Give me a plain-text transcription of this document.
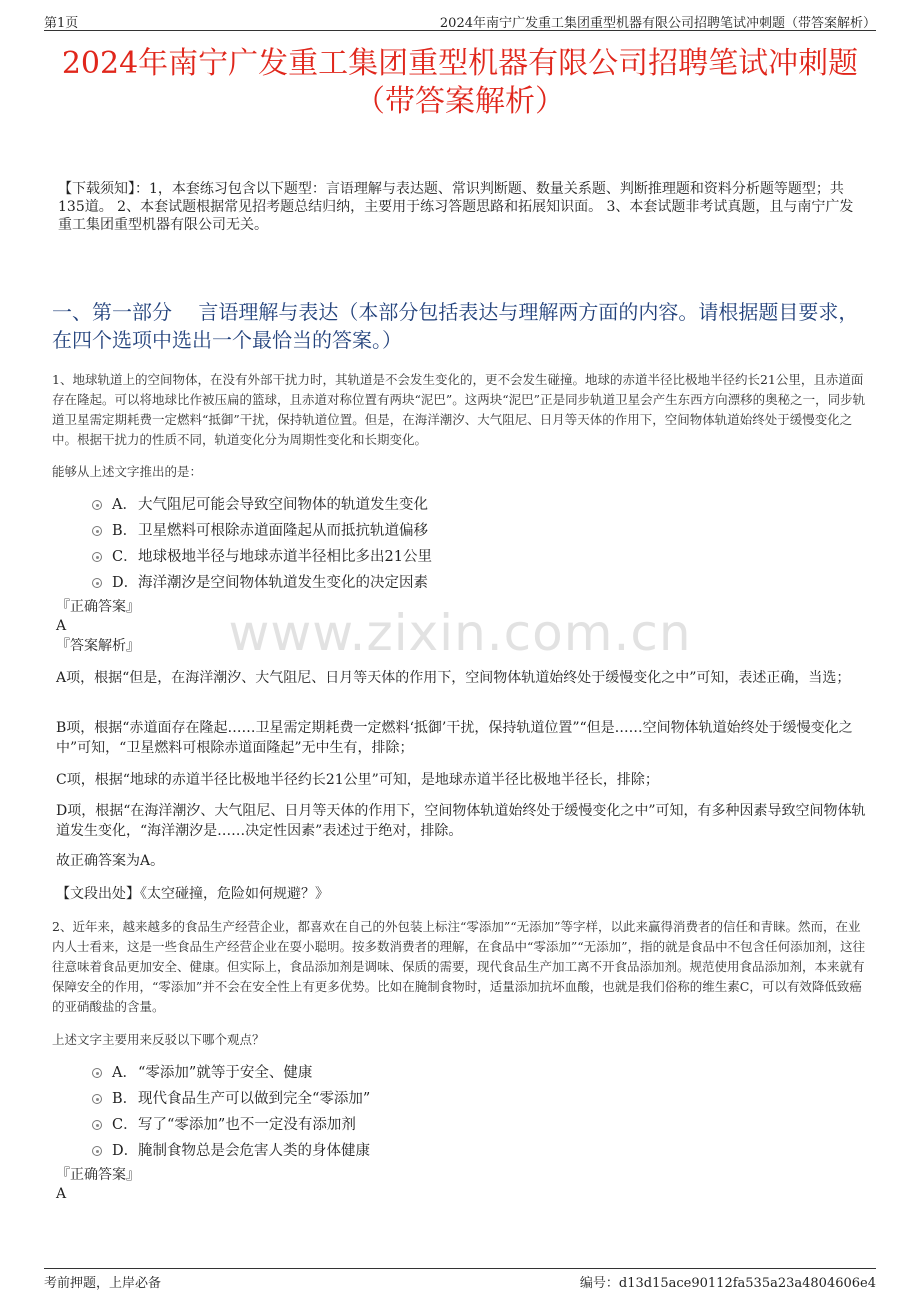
第1页	2024年南宁广发重工集团重型机器有限公司招聘笔试冲刺题（带答案解析）
2024年南宁广发重工集团重型机器有限公司招聘笔试冲刺题
（带答案解析）
【下载须知】：1，本套练习包含以下题型：言语理解与表达题、常识判断题、数量关系题、判断推理题和资料分析题等题型；共135道。 2、本套试题根据常见招考题总结归纳，主要用于练习答题思路和拓展知识面。 3、本套试题非考试真题，且与南宁广发重工集团重型机器有限公司无关。
一、第一部分　 言语理解与表达（本部分包括表达与理解两方面的内容。请根据题目要求，在四个选项中选出一个最恰当的答案。）
1、地球轨道上的空间物体，在没有外部干扰力时，其轨道是不会发生变化的，更不会发生碰撞。地球的赤道半径比极地半径约长21公里，且赤道面存在隆起。可以将地球比作被压扁的篮球，且赤道对称位置有两块“泥巴”。这两块“泥巴”正是同步轨道卫星会产生东西方向漂移的奥秘之一，同步轨道卫星需定期耗费一定燃料“抵御”干扰，保持轨道位置。但是，在海洋潮汐、大气阻尼、日月等天体的作用下，空间物体轨道始终处于缓慢变化之中。根据干扰力的性质不同，轨道变化分为周期性变化和长期变化。
能够从上述文字推出的是：
A．大气阻尼可能会导致空间物体的轨道发生变化
B．卫星燃料可根除赤道面隆起从而抵抗轨道偏移
C．地球极地半径与地球赤道半径相比多出21公里
D．海洋潮汐是空间物体轨道发生变化的决定因素
『正确答案』
A
『答案解析』	www.zixin.com.cn
A项，根据“但是，在海洋潮汐、大气阻尼、日月等天体的作用下，空间物体轨道始终处于缓慢变化之中”可知，表述正确，当选；
B项，根据“赤道面存在隆起……卫星需定期耗费一定燃料‘抵御’干扰，保持轨道位置”“但是……空间物体轨道始终处于缓慢变化之中”可知，“卫星燃料可根除赤道面隆起”无中生有，排除；
C项，根据“地球的赤道半径比极地半径约长21公里”可知，是地球赤道半径比极地半径长，排除；
D项，根据“在海洋潮汐、大气阻尼、日月等天体的作用下，空间物体轨道始终处于缓慢变化之中”可知，有多种因素导致空间物体轨道发生变化，“海洋潮汐是……决定性因素”表述过于绝对，排除。
故正确答案为A。
【文段出处】《太空碰撞，危险如何规避？》
2、近年来，越来越多的食品生产经营企业，都喜欢在自己的外包装上标注“零添加”“无添加”等字样，以此来赢得消费者的信任和青睐。然而，在业内人士看来，这是一些食品生产经营企业在耍小聪明。按多数消费者的理解，在食品中“零添加”“无添加”，指的就是食品中不包含任何添加剂，这往往意味着食品更加安全、健康。但实际上，食品添加剂是调味、保质的需要，现代食品生产加工离不开食品添加剂。规范使用食品添加剂，本来就有保障安全的作用，“零添加”并不会在安全性上有更多优势。比如在腌制食物时，适量添加抗坏血酸，也就是我们俗称的维生素C，可以有效降低致癌的亚硝酸盐的含量。
上述文字主要用来反驳以下哪个观点？
A．“零添加”就等于安全、健康
B．现代食品生产可以做到完全“零添加”
C．写了“零添加”也不一定没有添加剂
D．腌制食物总是会危害人类的身体健康
『正确答案』
A
考前押题，上岸必备	编号：d13d15ace90112fa535a23a4804606e4
